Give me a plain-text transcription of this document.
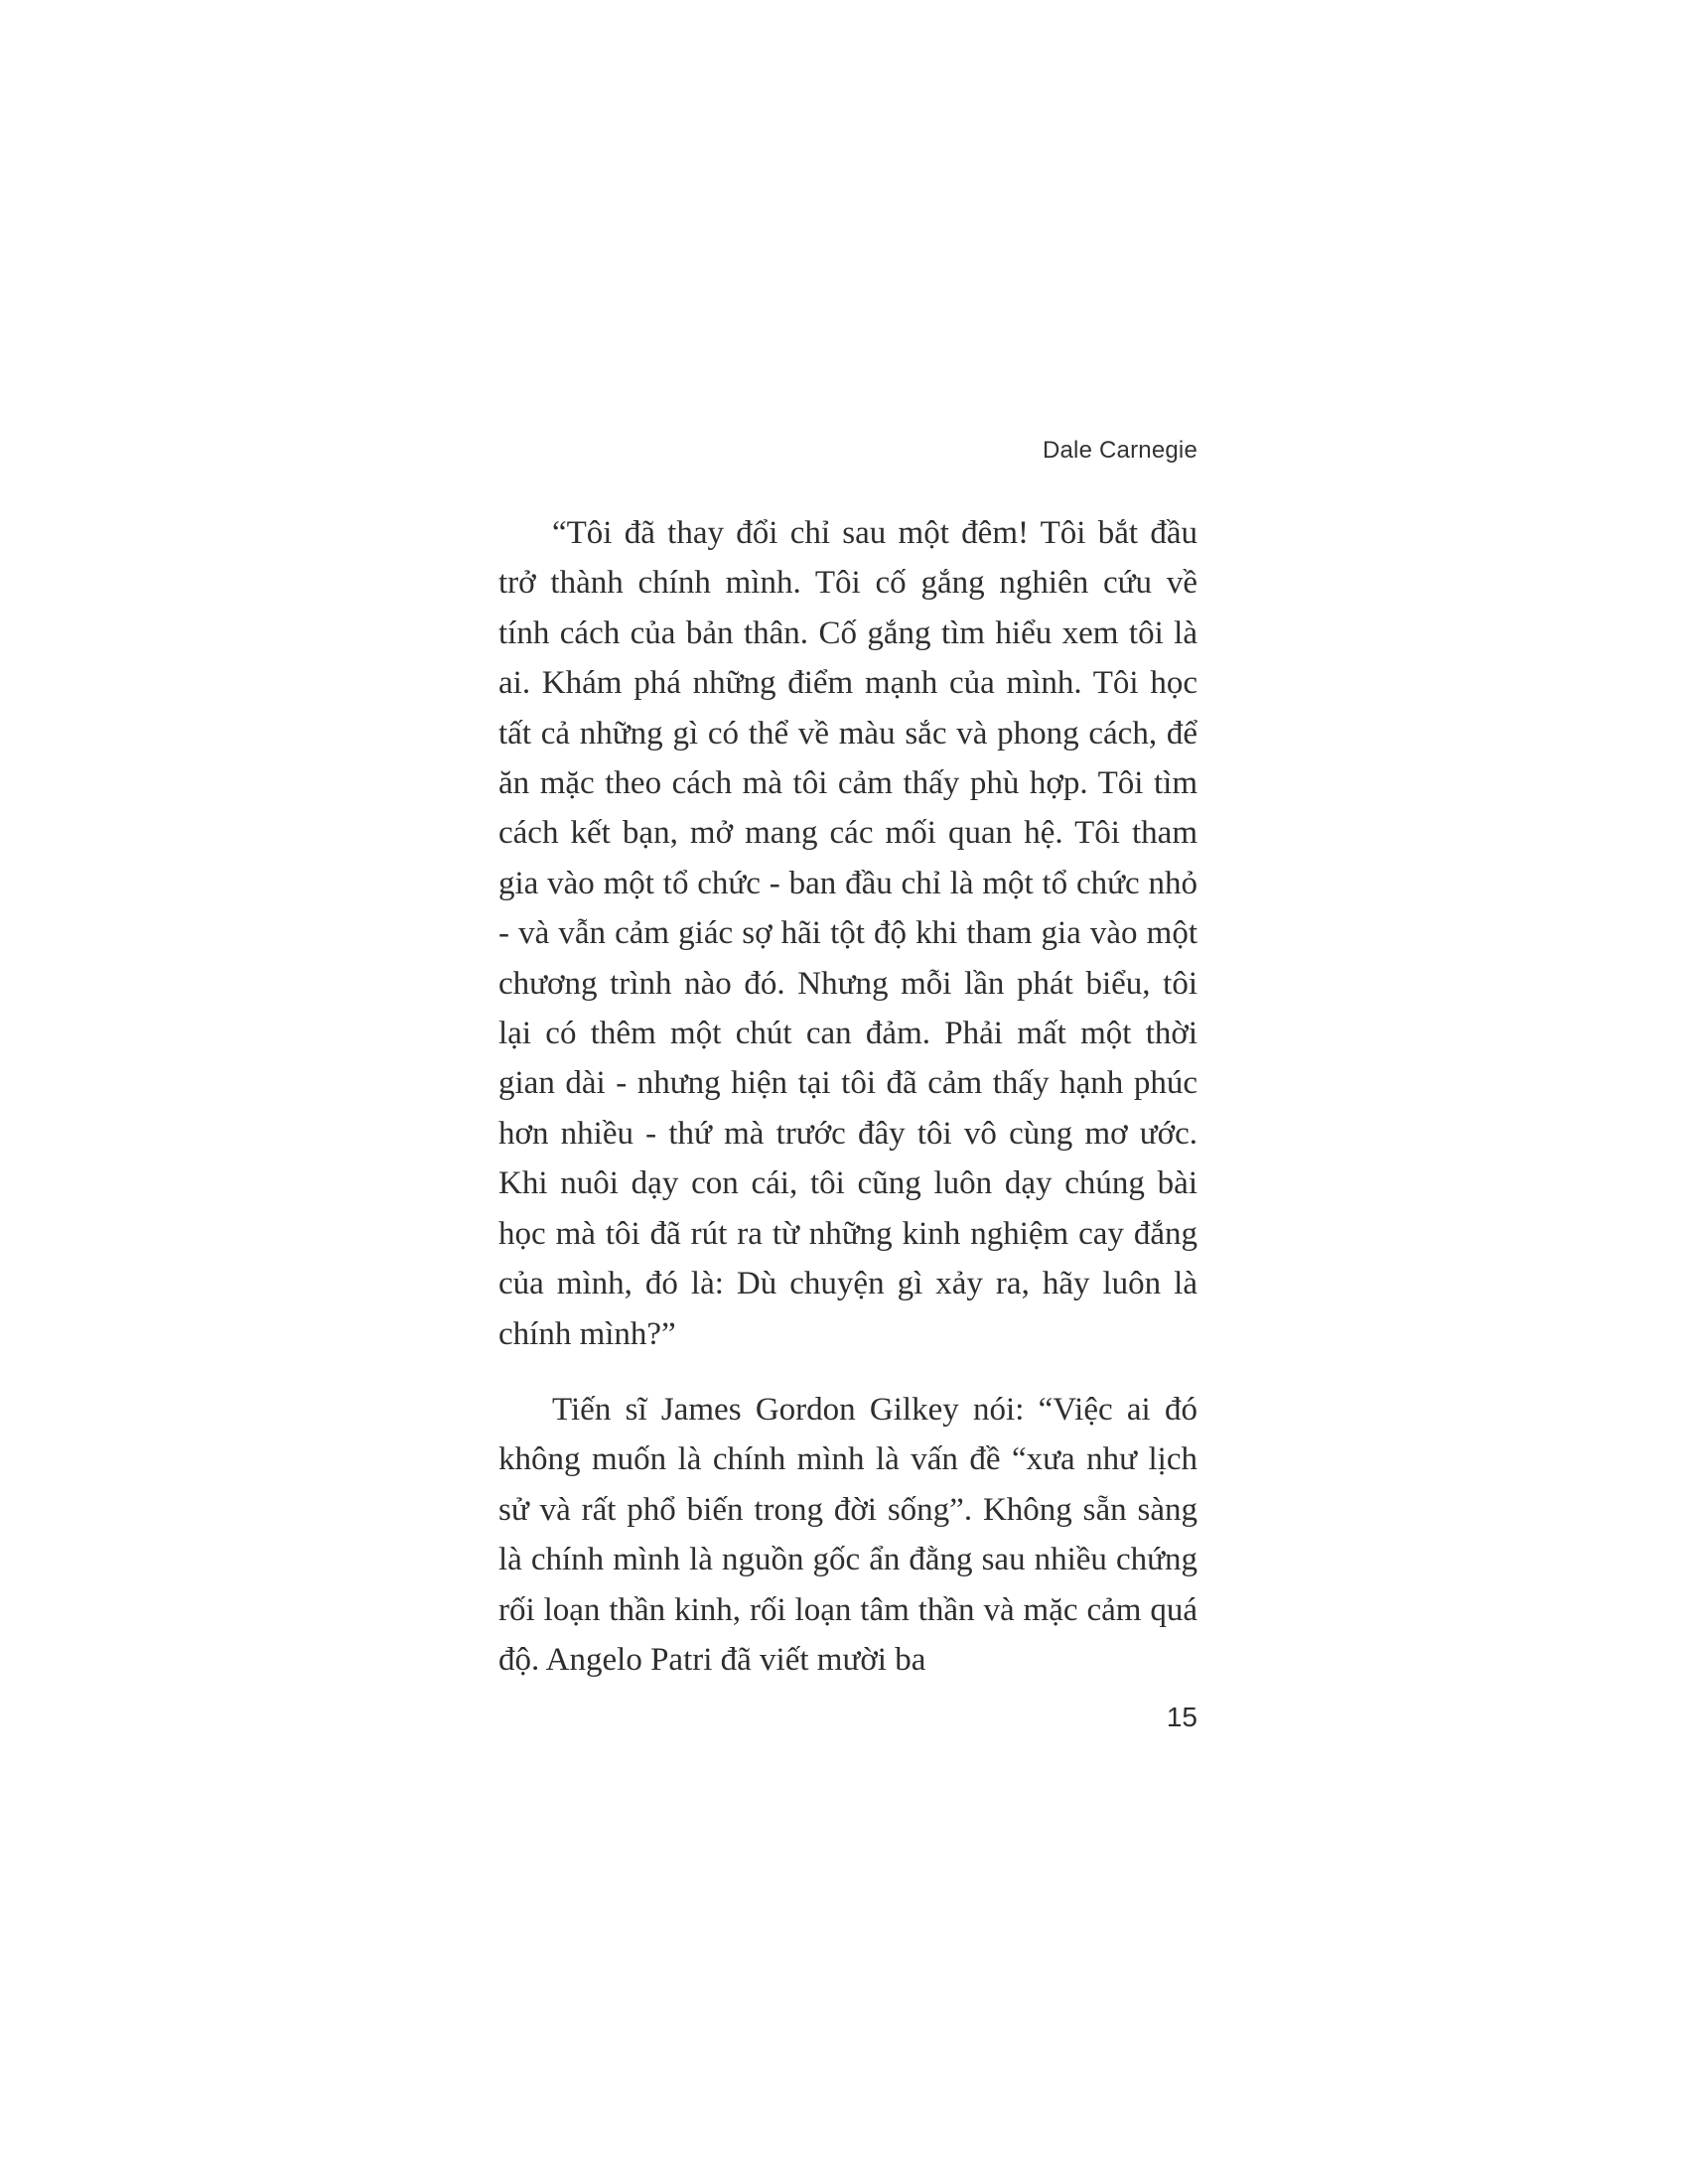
Dale Carnegie

“Tôi đã thay đổi chỉ sau một đêm! Tôi bắt đầu trở thành chính mình. Tôi cố gắng nghiên cứu về tính cách của bản thân. Cố gắng tìm hiểu xem tôi là ai. Khám phá những điểm mạnh của mình. Tôi học tất cả những gì có thể về màu sắc và phong cách, để ăn mặc theo cách mà tôi cảm thấy phù hợp. Tôi tìm cách kết bạn, mở mang các mối quan hệ. Tôi tham gia vào một tổ chức - ban đầu chỉ là một tổ chức nhỏ - và vẫn cảm giác sợ hãi tột độ khi tham gia vào một chương trình nào đó. Nhưng mỗi lần phát biểu, tôi lại có thêm một chút can đảm. Phải mất một thời gian dài - nhưng hiện tại tôi đã cảm thấy hạnh phúc hơn nhiều - thứ mà trước đây tôi vô cùng mơ ước. Khi nuôi dạy con cái, tôi cũng luôn dạy chúng bài học mà tôi đã rút ra từ những kinh nghiệm cay đắng của mình, đó là: Dù chuyện gì xảy ra, hãy luôn là chính mình?”

Tiến sĩ James Gordon Gilkey nói: “Việc ai đó không muốn là chính mình là vấn đề “xưa như lịch sử và rất phổ biến trong đời sống”. Không sẵn sàng là chính mình là nguồn gốc ẩn đằng sau nhiều chứng rối loạn thần kinh, rối loạn tâm thần và mặc cảm quá độ. Angelo Patri đã viết mười ba

15
